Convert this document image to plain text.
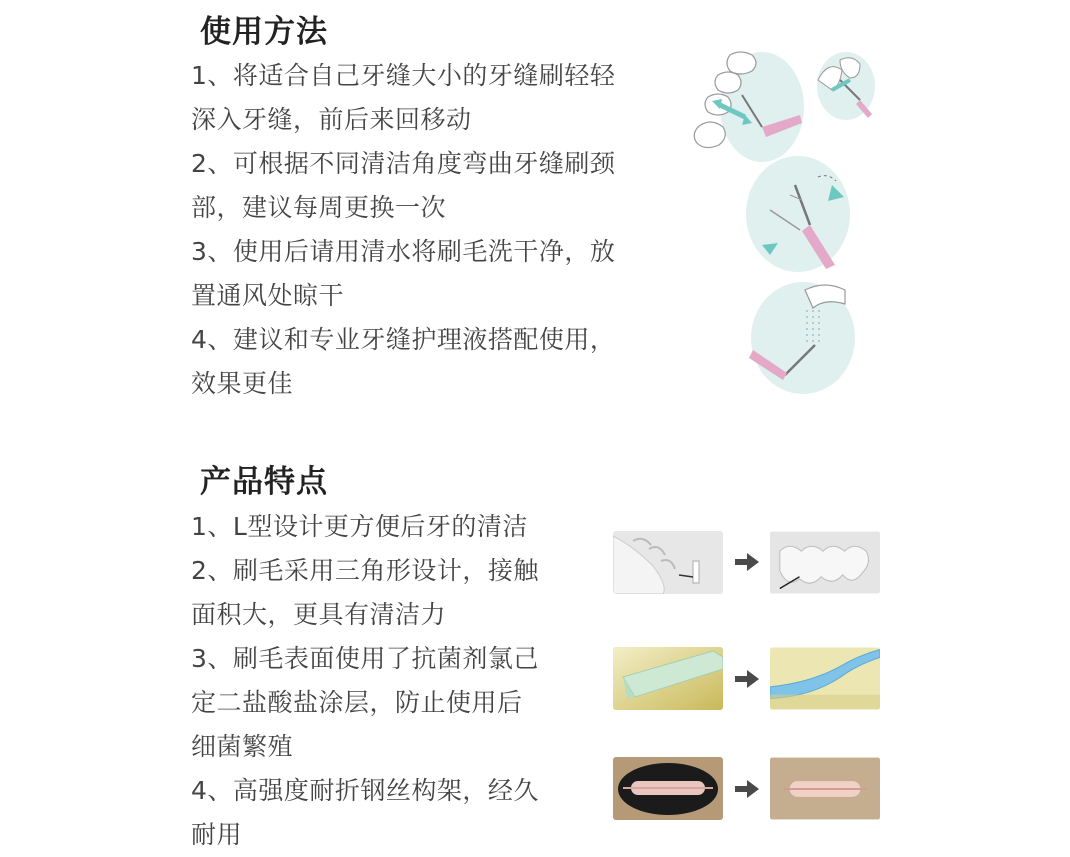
使用方法

1、将适合自己牙缝大小的牙缝刷轻轻

深入牙缝，前后来回移动

2、可根据不同清洁角度弯曲牙缝刷颈

部，建议每周更换一次

3、使用后请用清水将刷毛洗干净，放

置通风处晾干

4、建议和专业牙缝护理液搭配使用，

效果更佳

产品特点

1、L型设计更方便后牙的清洁

2、刷毛采用三角形设计，接触

面积大，更具有清洁力

3、刷毛表面使用了抗菌剂氯己

定二盐酸盐涂层，防止使用后

细菌繁殖

4、高强度耐折钢丝构架，经久

耐用
